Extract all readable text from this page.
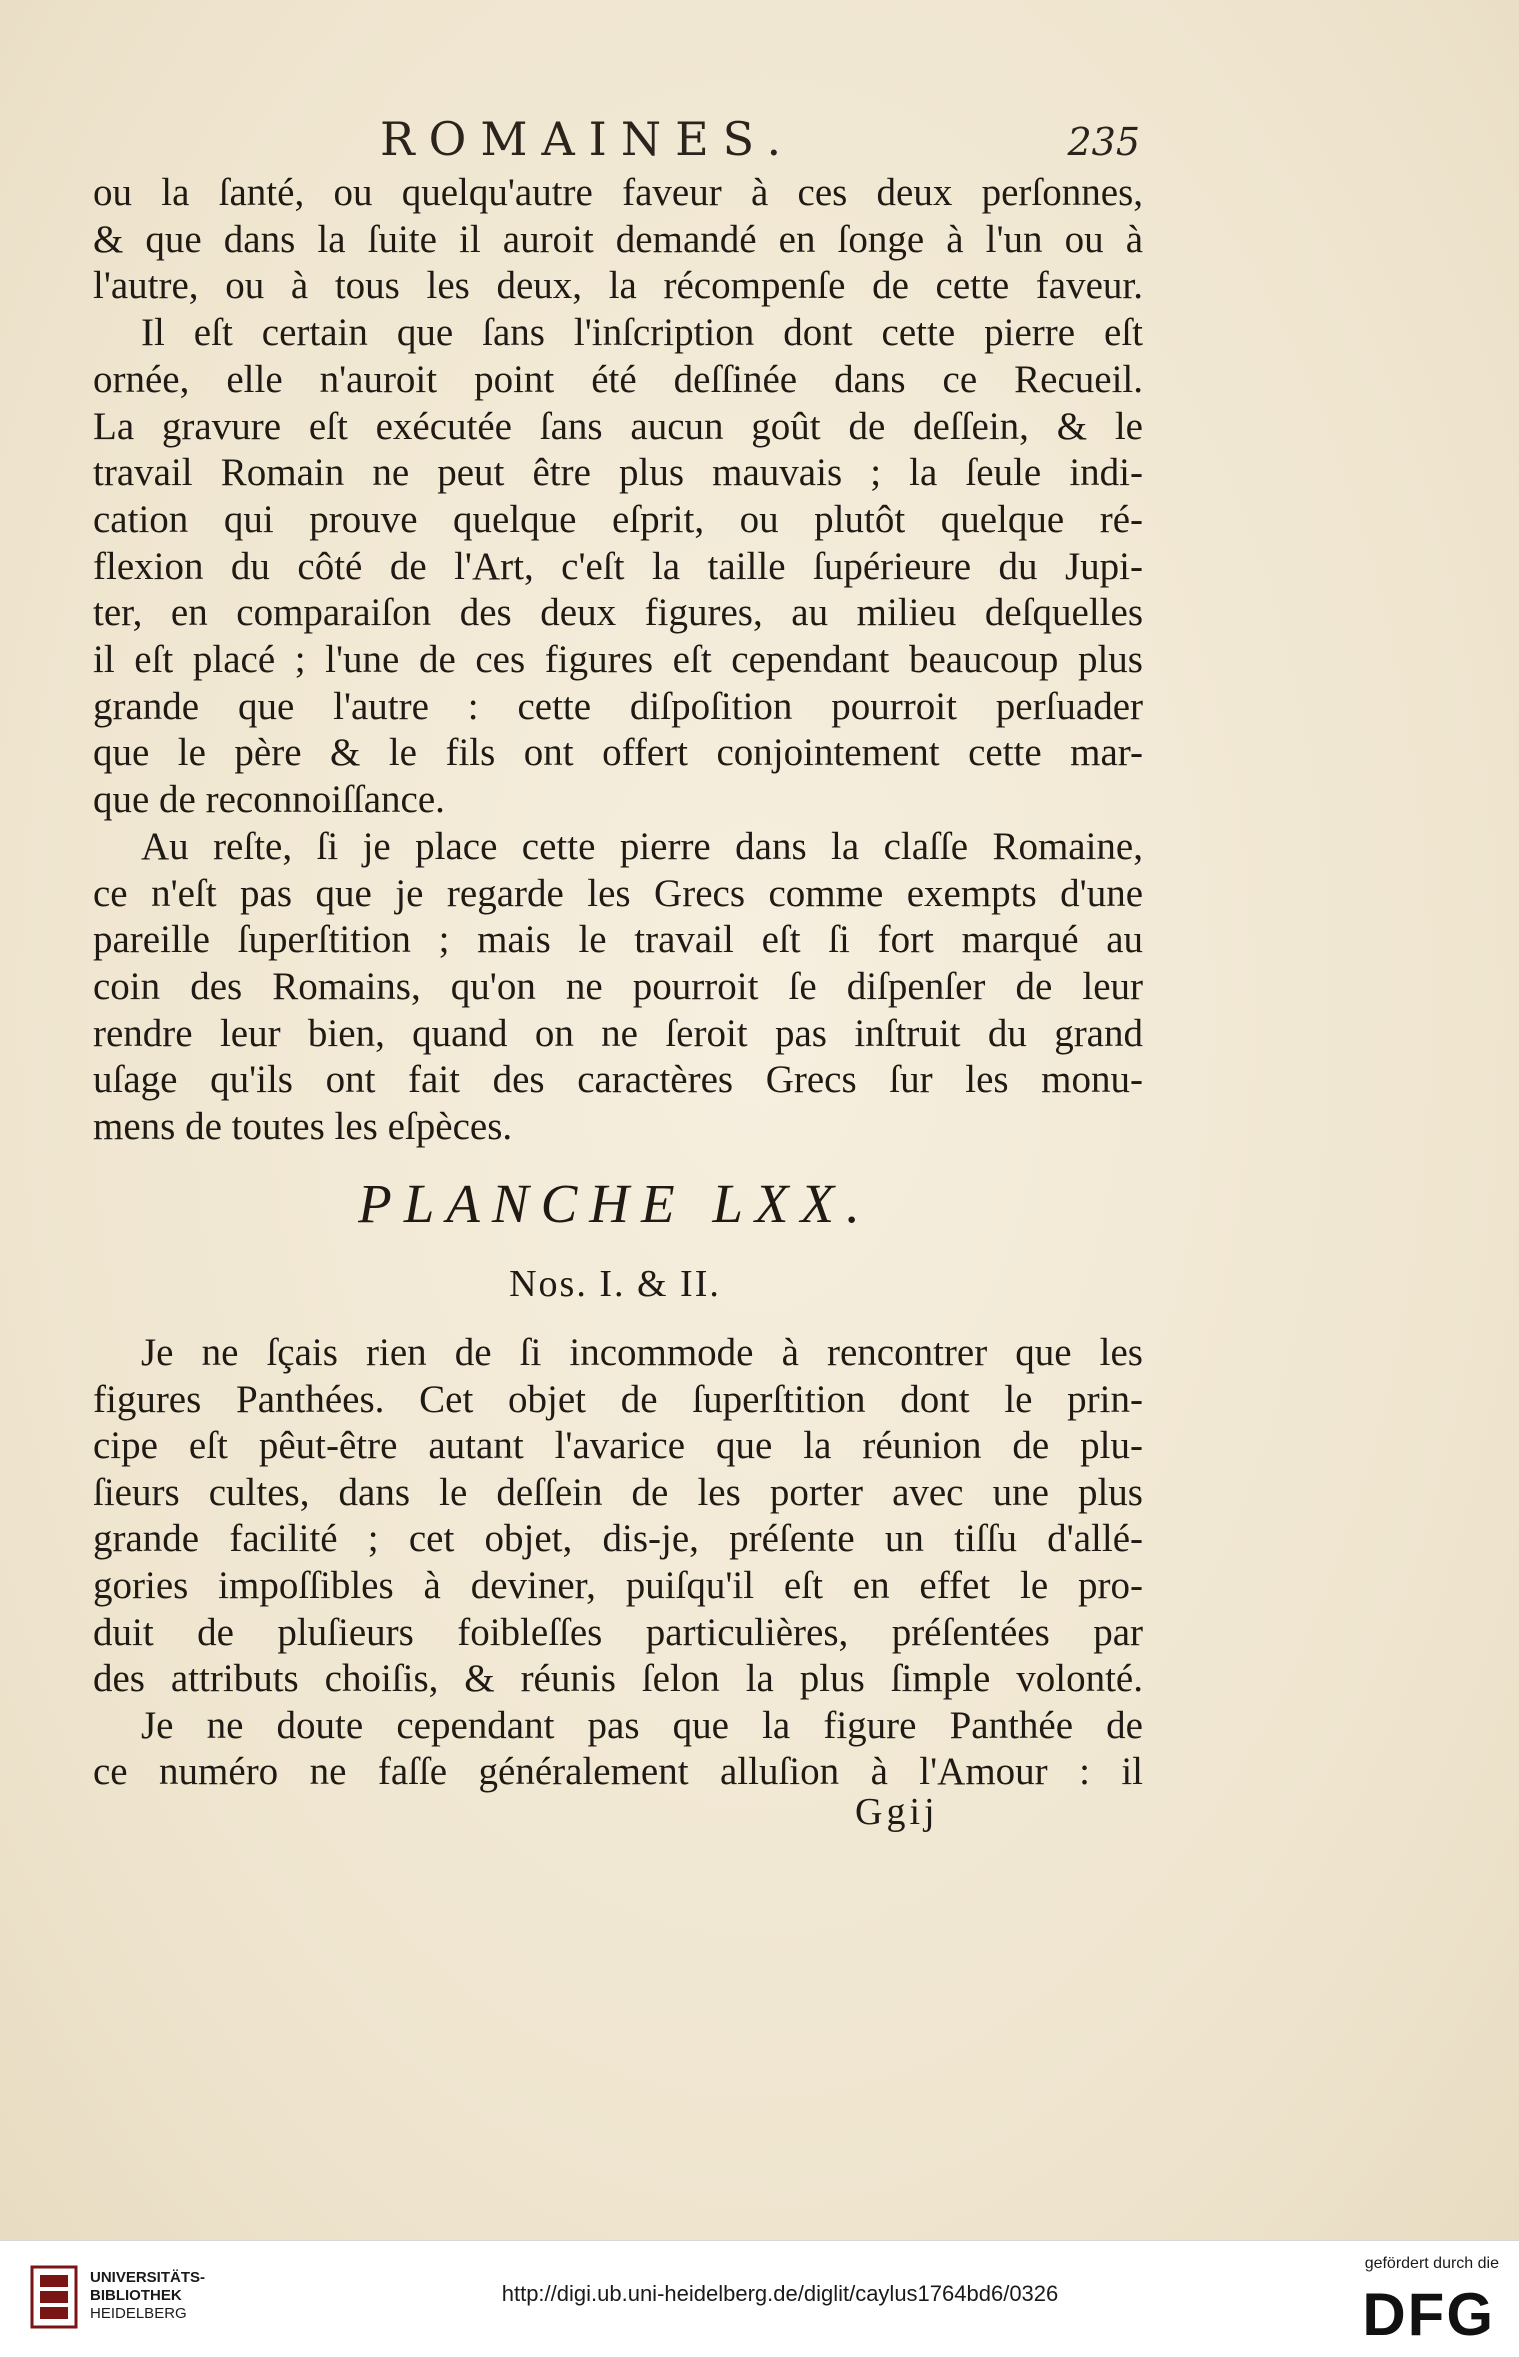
ROMAINES.	235
ou la ſanté, ou quelqu'autre faveur à ces deux perſonnes,
& que dans la ſuite il auroit demandé en ſonge à l'un ou à
l'autre, ou à tous les deux, la récompenſe de cette faveur.
Il eſt certain que ſans l'inſcription dont cette pierre eſt
ornée, elle n'auroit point été deſſinée dans ce Recueil.
La gravure eſt exécutée ſans aucun goût de deſſein, & le
travail Romain ne peut être plus mauvais ; la ſeule indi-
cation qui prouve quelque eſprit, ou plutôt quelque ré-
flexion du côté de l'Art, c'eſt la taille ſupérieure du Jupi-
ter, en comparaiſon des deux figures, au milieu deſquelles
il eſt placé ; l'une de ces figures eſt cependant beaucoup plus
grande que l'autre : cette diſpoſition pourroit perſuader
que le père & le fils ont offert conjointement cette mar-
que de reconnoiſſance.
Au reſte, ſi je place cette pierre dans la claſſe Romaine,
ce n'eſt pas que je regarde les Grecs comme exempts d'une
pareille ſuperſtition ; mais le travail eſt ſi fort marqué au
coin des Romains, qu'on ne pourroit ſe diſpenſer de leur
rendre leur bien, quand on ne ſeroit pas inſtruit du grand
uſage qu'ils ont fait des caractères Grecs ſur les monu-
mens de toutes les eſpèces.
PLANCHE LXX.
Nos. I. & II.
Je ne ſçais rien de ſi incommode à rencontrer que les
figures Panthées. Cet objet de ſuperſtition dont le prin-
cipe eſt pêut-être autant l'avarice que la réunion de plu-
ſieurs cultes, dans le deſſein de les porter avec une plus
grande facilité ; cet objet, dis-je, préſente un tiſſu d'allé-
gories impoſſibles à deviner, puiſqu'il eſt en effet le pro-
duit de pluſieurs foibleſſes particulières, préſentées par
des attributs choiſis, & réunis ſelon la plus ſimple volonté.
Je ne doute cependant pas que la figure Panthée de
ce numéro ne faſſe généralement alluſion à l'Amour : il
Ggij
UNIVERSITÄTS-
BIBLIOTHEK
HEIDELBERG
http://digi.ub.uni-heidelberg.de/diglit/caylus1764bd6/0326
gefördert durch die
DFG
